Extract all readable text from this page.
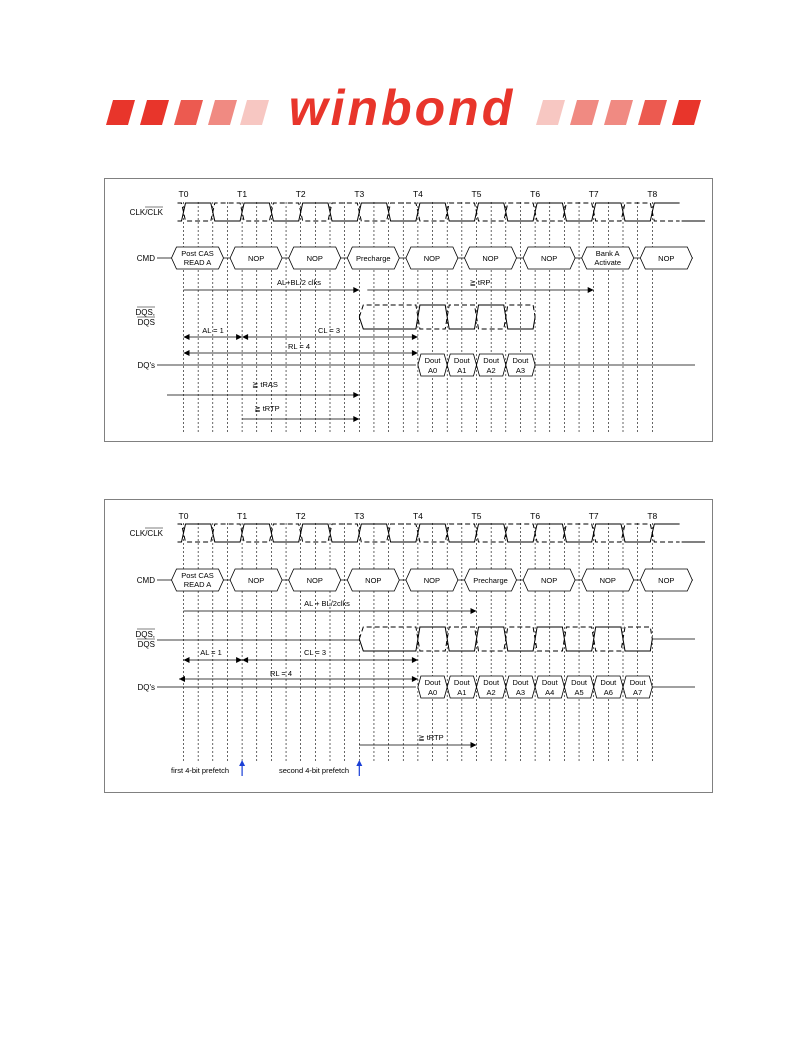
winbond
T0	T1	T2	T3	T4	T5	T6	T7	T8
CLK/CLK
CMD
Post CAS
READ A	NOP	NOP	Precharge	NOP	NOP	NOP
Bank A
Activate	NOP
AL+BL/2 clks	≧ tRP
AL = 1	CL = 3
RL = 4
≧ tRAS
≧ tRTP
DQS,
DQS
DQ's
Dout
A0
Dout
A1
Dout
A2
Dout
A3
T0	T1	T2	T3	T4	T5	T6	T7	T8
CLK/CLK
CMD
Post CAS
READ A	NOP	NOP	NOP	NOP	Precharge	NOP	NOP	NOP
AL + BL/2clks
AL = 1	CL = 3
RL = 4
≧ tRTP
DQS,
DQS
DQ's
Dout
A0
Dout
A1
Dout
A2
Dout
A3
Dout
A4
Dout
A5
Dout
A6
Dout
A7
first 4-bit prefetch	second 4-bit prefetch
